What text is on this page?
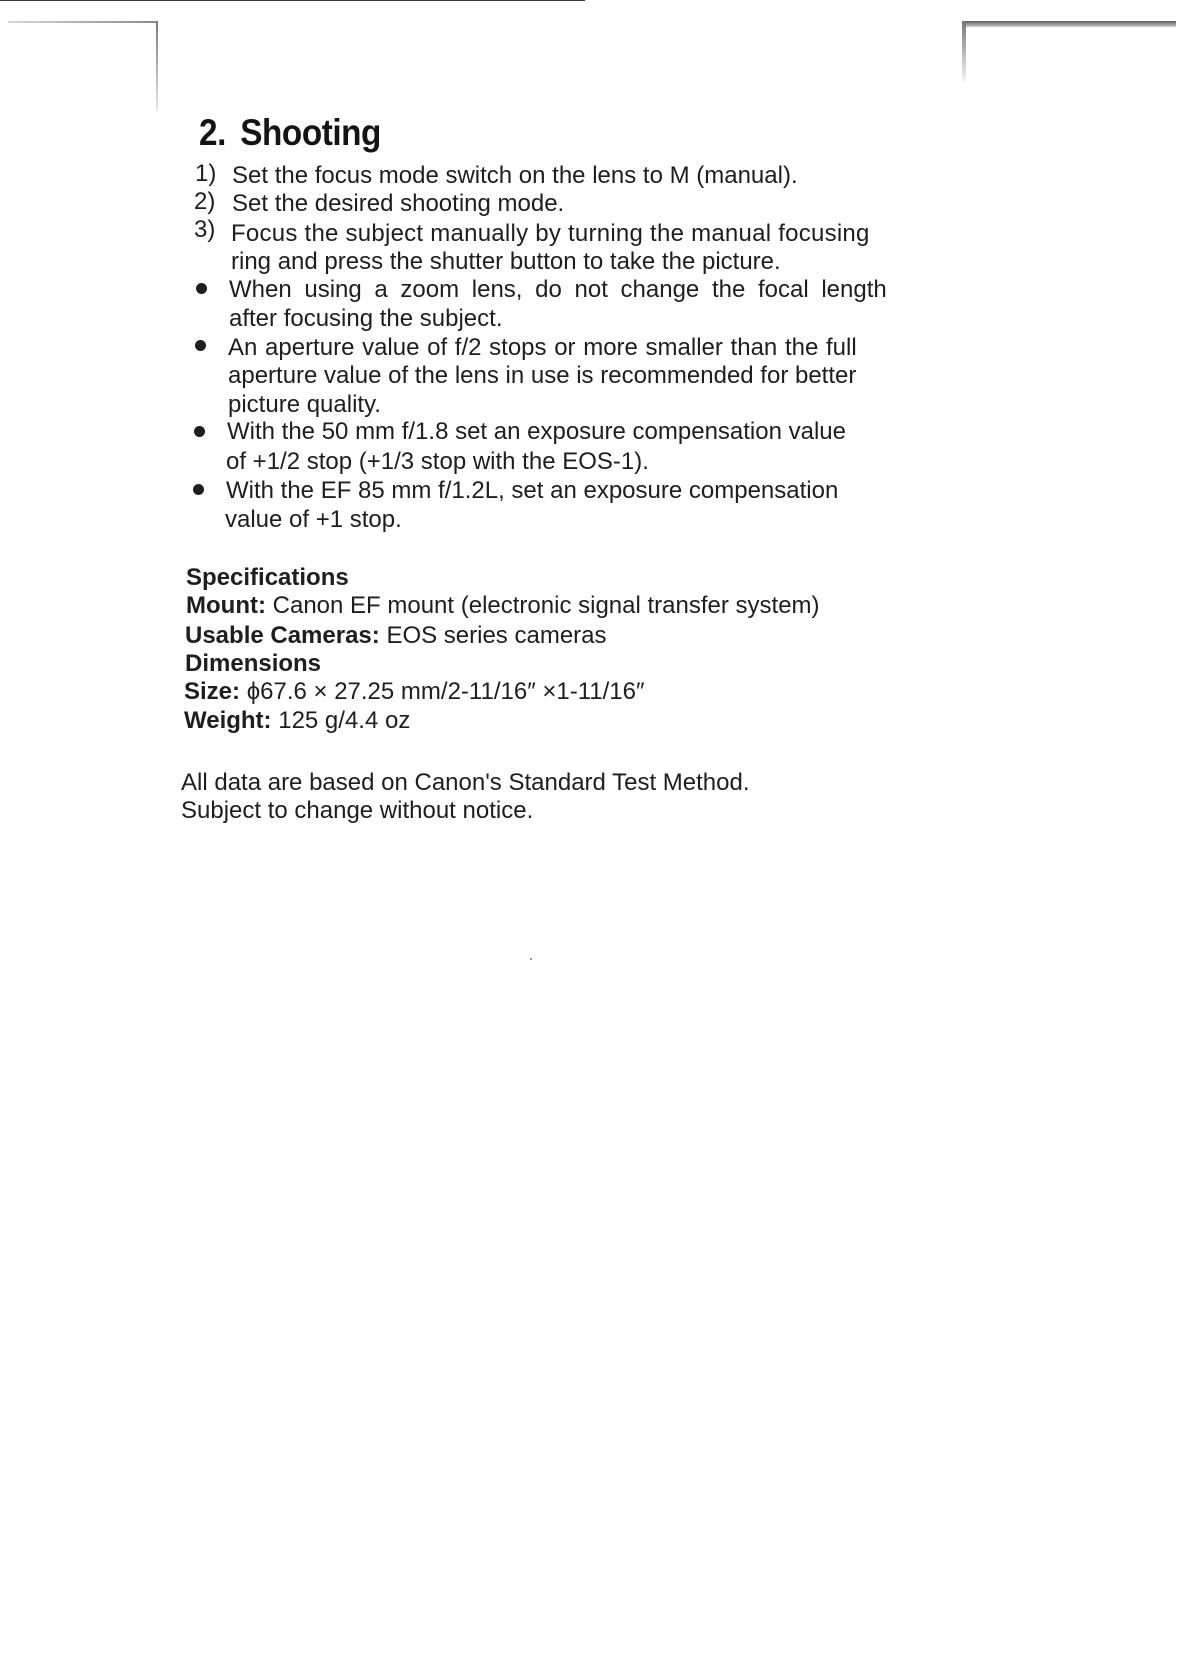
2. Shooting
1) Set the focus mode switch on the lens to M (manual).
2) Set the desired shooting mode.
3) Focus the subject manually by turning the manual focusing
ring and press the shutter button to take the picture.
When using a zoom lens, do not change the focal length
after focusing the subject.
An aperture value of f/2 stops or more smaller than the full
aperture value of the lens in use is recommended for better
picture quality.
With the 50 mm f/1.8 set an exposure compensation value
of +1/2 stop (+1/3 stop with the EOS-1).
With the EF 85 mm f/1.2L, set an exposure compensation
value of +1 stop.
Specifications
Mount: Canon EF mount (electronic signal transfer system)
Usable Cameras: EOS series cameras
Dimensions
Size: ϕ67.6 × 27.25 mm/2-11/16″ ×1-11/16″
Weight: 125 g/4.4 oz
All data are based on Canon's Standard Test Method.
Subject to change without notice.
